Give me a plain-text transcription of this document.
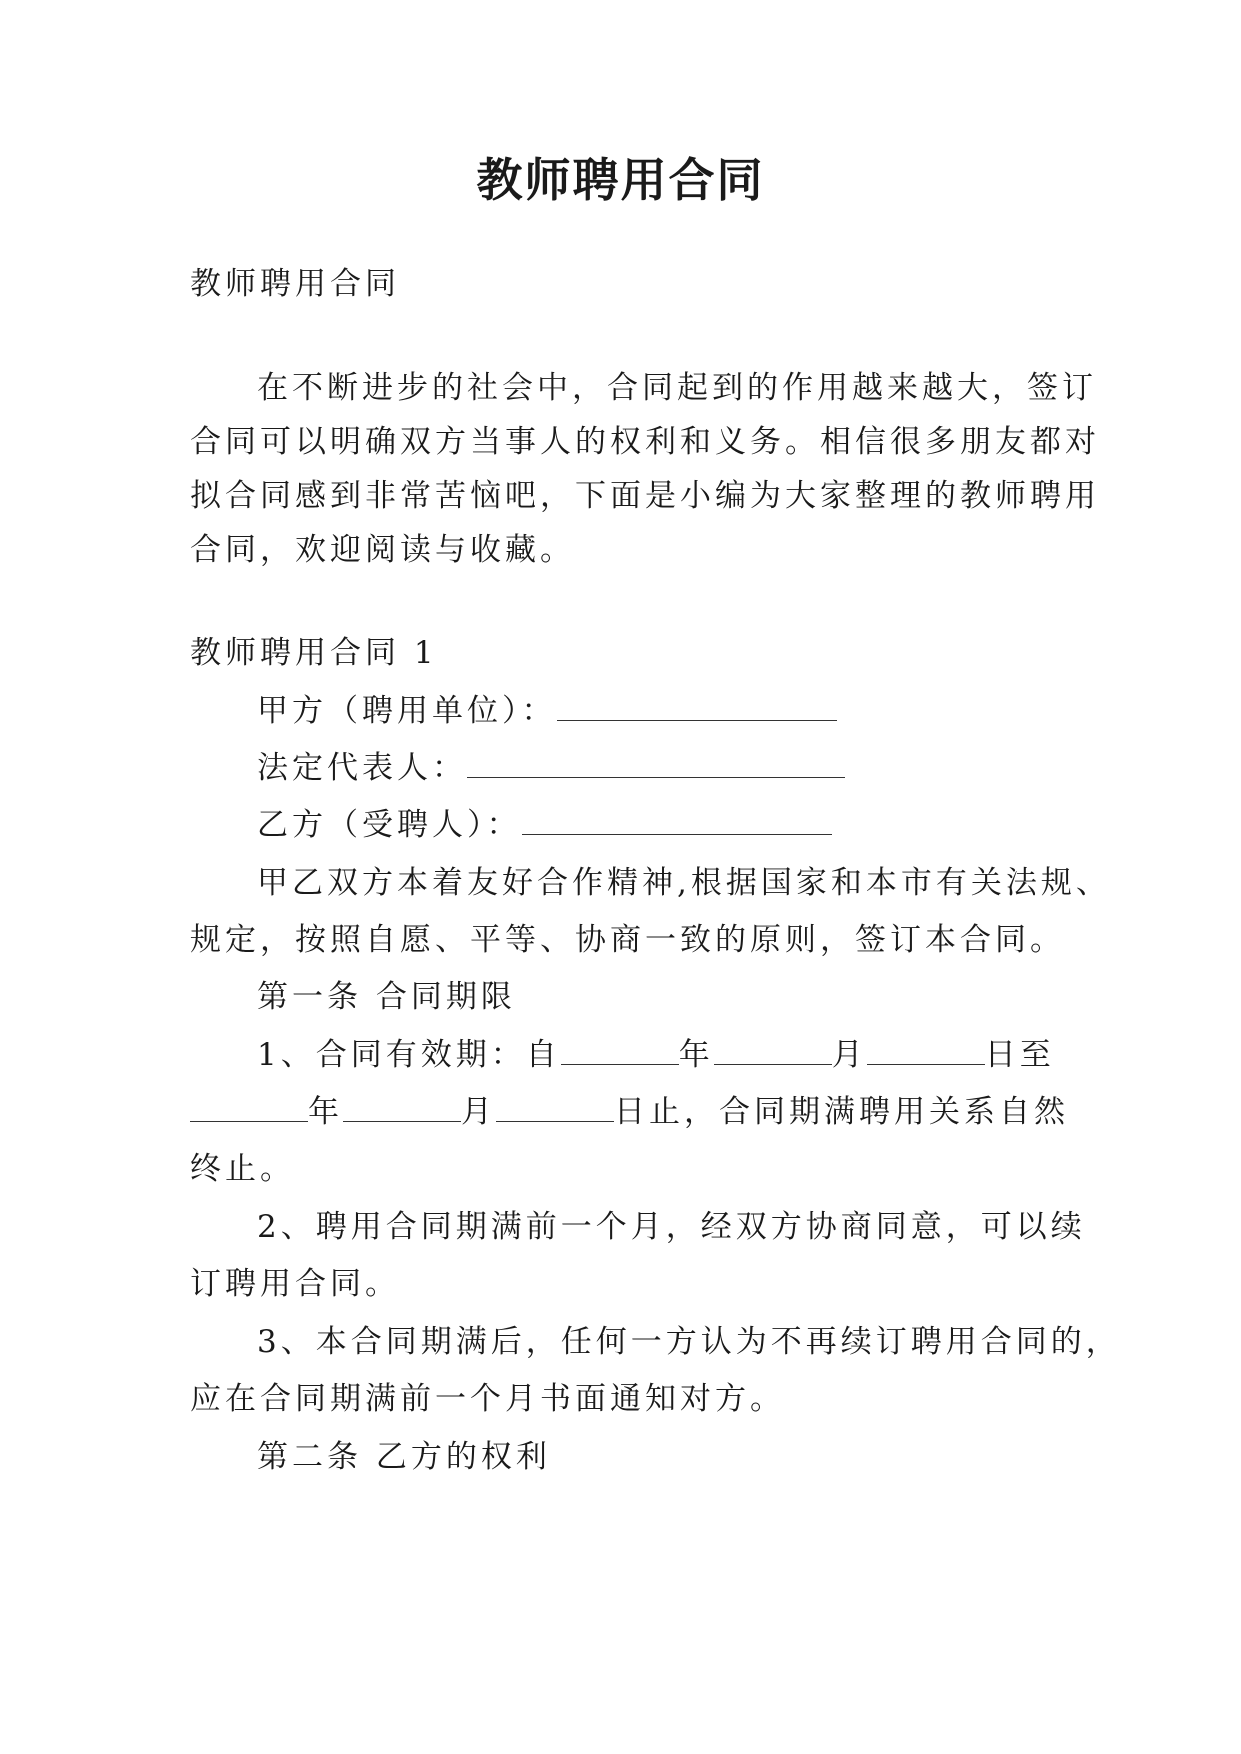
教师聘用合同
教师聘用合同
在不断进步的社会中，合同起到的作用越来越大，签订
合同可以明确双方当事人的权利和义务。相信很多朋友都对
拟合同感到非常苦恼吧，下面是小编为大家整理的教师聘用
合同，欢迎阅读与收藏。
教师聘用合同 1
甲方（聘用单位）：
法定代表人：
乙方（受聘人）：
甲乙双方本着友好合作精神,根据国家和本市有关法规、
规定，按照自愿、平等、协商一致的原则，签订本合同。
第一条 合同期限
1、合同有效期：自	年	月	日至
年	月	日止，合同期满聘用关系自然
终止。
2、聘用合同期满前一个月，经双方协商同意，可以续
订聘用合同。
3、本合同期满后，任何一方认为不再续订聘用合同的，
应在合同期满前一个月书面通知对方。
第二条 乙方的权利
